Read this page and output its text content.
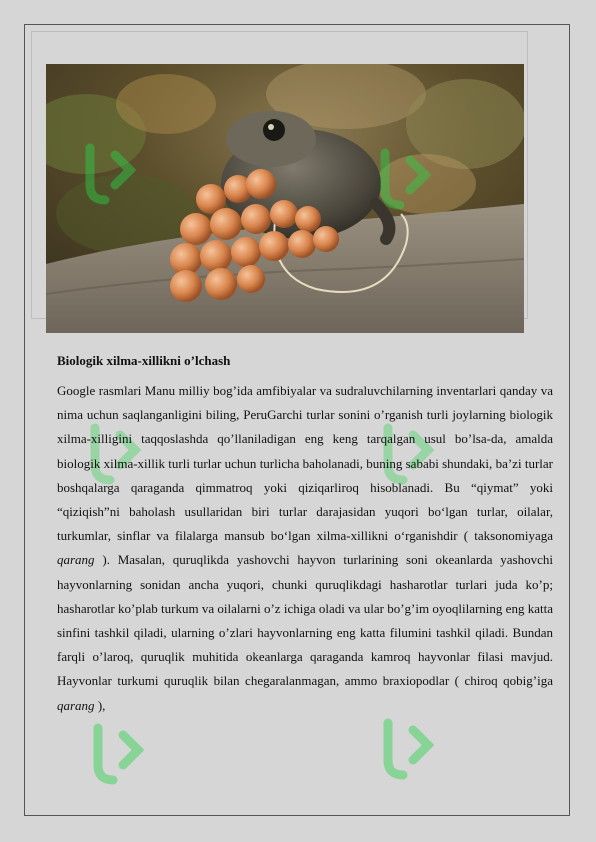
Biologik xilma-xillikni o’lchash

Google rasmlari Manu milliy bog’ida amfibiyalar va sudraluvchilarning inventarlari qanday va nima uchun saqlanganligini biling, PeruGarchi turlar sonini o’rganish turli joylarning biologik xilma-xilligini taqqoslashda qo’llaniladigan eng keng tarqalgan usul bo’lsa-da, amalda biologik xilma-xillik turli turlar uchun turlicha baholanadi, buning sababi shundaki, ba’zi turlar boshqalarga qaraganda qimmatroq yoki qiziqarliroq hisoblanadi. Bu “qiymat” yoki “qiziqish”ni baholash usullaridan biri turlar darajasidan yuqori bo‘lgan turlar, oilalar, turkumlar, sinflar va filalarga mansub bo‘lgan xilma-xillikni o‘rganishdir ( taksonomiyaga qarang ). Masalan, quruqlikda yashovchi hayvon turlarining soni okeanlarda yashovchi hayvonlarning sonidan ancha yuqori, chunki quruqlikdagi hasharotlar turlari juda ko’p; hasharotlar ko’plab turkum va oilalarni o’z ichiga oladi va ular bo’g’im oyoqlilarning eng katta sinfini tashkil qiladi, ularning o’zlari hayvonlarning eng katta filumini tashkil qiladi. Bundan farqli o’laroq, quruqlik muhitida okeanlarga qaraganda kamroq hayvonlar filasi mavjud. Hayvonlar turkumi quruqlik bilan chegaralanmagan, ammo braxiopodlar ( chiroq qobig’iga qarang ),
